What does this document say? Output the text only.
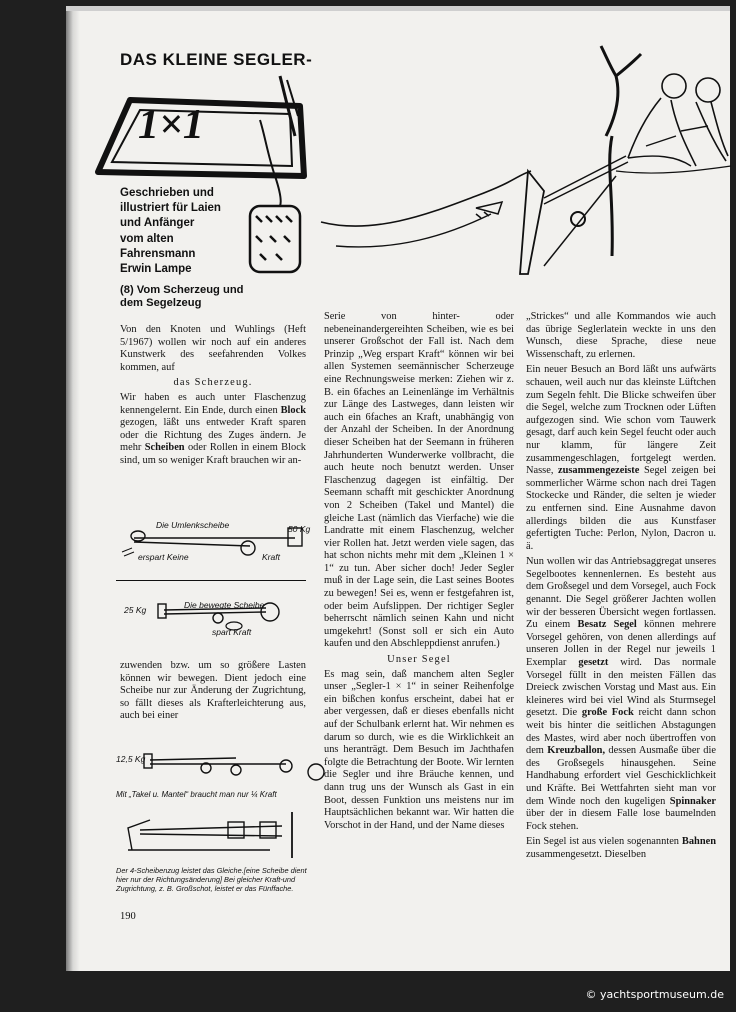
DAS KLEINE SEGLER-
1×1
Geschrieben und
illustriert für Laien
und Anfänger
vom alten
Fahrensmann
Erwin Lampe
(8) Vom Scherzeug und
dem Segelzeug

Von den Knoten und Wuhlings (Heft 5/1967) wollen wir noch auf ein anderes Kunstwerk des seefahrenden Volkes kommen, auf

das Scherzeug.

Wir haben es auch unter Flaschenzug kennengelernt. Ein Ende, durch einen Block gezogen, läßt uns entweder Kraft sparen oder die Richtung des Zuges ändern. Je mehr Scheiben oder Rollen in einem Block sind, um so weniger Kraft brauchen wir an-

Die Umlenkscheibe	50 Kg
erspart Keine	Kraft
25 Kg	Die bewegte Scheibe
spart Kraft

zuwenden bzw. um so größere Lasten können wir bewegen. Dient jedoch eine Scheibe nur zur Änderung der Zugrichtung, so fällt dieses als Krafterleichterung aus, auch bei einer

12,5 Kg
Mit „Takel u. Mantel“ braucht man nur ¼ Kraft
Der 4-Scheibenzug leistet das Gleiche.[eine Scheibe dient
hier nur der Richtungsänderung] Bei gleicher Kraft-und
Zugrichtung, z. B. Großschot, leistet er das Fünffache.
190

Serie von hinter- oder nebeneinandergereihten Scheiben, wie es bei unserer Großschot der Fall ist. Nach dem Prinzip „Weg erspart Kraft“ können wir bei allen Systemen seemännischer Scherzeuge eine Rechnungsweise merken: Ziehen wir z. B. ein 6faches an Leinenlänge im Verhältnis zur Länge des Lastweges, dann leisten wir auch ein 6faches an Kraft, unabhängig von der Anzahl der Scheiben. In der Anordnung dieser Scheiben hat der Seemann in früheren Jahrhunderten Wunderwerke vollbracht, die auch heute noch benutzt werden. Unser Flaschenzug dagegen ist einfältig. Der Seemann schafft mit geschickter Anordnung von 2 Scheiben (Takel und Mantel) die gleiche Last (nämlich das Vierfache) wie die Landratte mit einem Flaschenzug, welcher vier Rollen hat. Jetzt werden viele sagen, das hat schon nichts mehr mit dem „Kleinen 1 × 1“ zu tun. Aber sicher doch! Jeder Segler muß in der Lage sein, die Last seines Bootes zu bewegen! Sei es, wenn er festgefahren ist, oder beim Aufslippen. Der richtiger Segler beherrscht nämlich seinen Kahn und nicht umgekehrt! (Sonst soll er sich ein Auto kaufen und den Abschleppdienst anrufen.)

Unser Segel

Es mag sein, daß manchem alten Segler unser „Segler-1 × 1“ in seiner Reihenfolge ein bißchen konfus erscheint, dabei hat er aber vergessen, daß er dieses ebenfalls nicht auf der Schulbank erlernt hat. Wir nehmen es darum so durch, wie es die Wirklichkeit an uns heranträgt. Dem Besuch im Jachthafen folgte die Betrachtung der Boote. Wir lernten die Segler und ihre Bräuche kennen, und dann trug uns der Wunsch als Gast in ein Boot, dessen Funktion uns meistens nur im Hauptsächlichen bekannt war. Wir hatten die Vorschot in der Hand, und der Name dieses

„Strickes“ und alle Kommandos wie auch das übrige Seglerlatein weckte in uns den Wunsch, diese Sprache, diese neue Wissenschaft, zu erlernen.

Ein neuer Besuch an Bord läßt uns aufwärts schauen, weil auch nur das kleinste Lüftchen zum Segeln fehlt. Die Blicke schweifen über die Segel, welche zum Trocknen oder Lüften aufgezogen sind. Wie schon vom Tauwerk gesagt, darf auch kein Segel feucht oder auch nur klamm, für längere Zeit zusammengeschlagen, fortgelegt werden. Nasse, zusammengezeiste Segel zeigen bei sommerlicher Wärme schon nach drei Tagen Stockecke und Ränder, die selten je wieder zu entfernen sind. Eine Ausnahme davon allerdings bilden die aus Kunstfaser gefertigten Tuche: Perlon, Nylon, Dacron u. ä.

Nun wollen wir das Antriebsaggregat unseres Segelbootes kennenlernen. Es besteht aus dem Großsegel und dem Vorsegel, auch Fock genannt. Die Segel größerer Jachten wollen wir der besseren Übersicht wegen fortlassen. Zu einem Besatz Segel können mehrere Vorsegel gehören, von denen allerdings auf unseren Jollen in der Regel nur jeweils 1 Exemplar gesetzt wird. Das normale Vorsegel füllt in den meisten Fällen das Dreieck zwischen Vorstag und Mast aus. Ein kleineres wird bei viel Wind als Sturmsegel gesetzt. Die große Fock reicht dann schon weit bis hinter die seitlichen Abstagungen des Mastes, wird aber noch übertroffen von dem Kreuzballon, dessen Ausmaße über die des Großsegels hinausgehen. Seine Handhabung erfordert viel Geschicklichkeit und Kräfte. Bei Wettfahrten sieht man vor dem Winde noch den kugeligen Spinnaker über der in diesem Falle lose baumelnden Fock stehen.

Ein Segel ist aus vielen sogenannten Bahnen zusammengesetzt. Dieselben

© yachtsportmuseum.de
